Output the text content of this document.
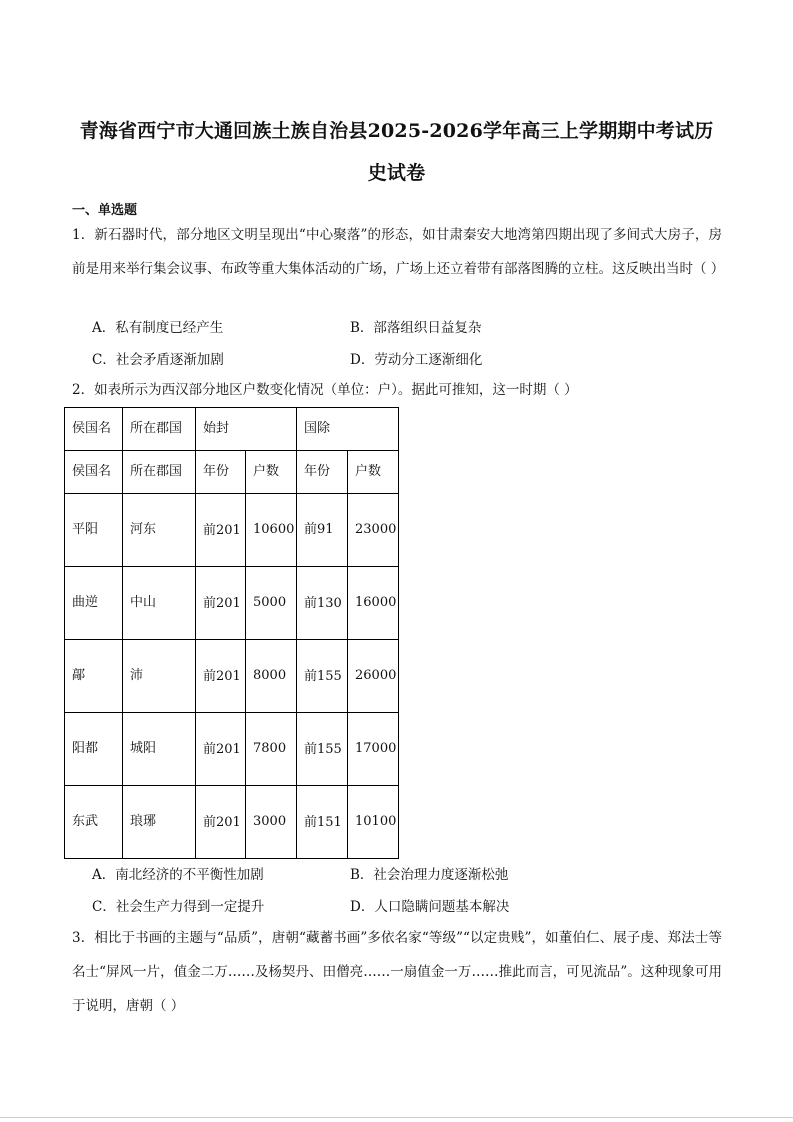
青海省西宁市大通回族土族自治县2025-2026学年高三上学期期中考试历
史试卷
一、单选题
1．新石器时代，部分地区文明呈现出“中心聚落”的形态，如甘肃秦安大地湾第四期出现了多间式大房子，房前是用来举行集会议事、布政等重大集体活动的广场，广场上还立着带有部落图腾的立柱。这反映出当时（ ）
A．私有制度已经产生	B．部落组织日益复杂
C．社会矛盾逐渐加剧	D．劳动分工逐渐细化
2．如表所示为西汉部分地区户数变化情况（单位：户）。据此可推知，这一时期（ ）
侯国名	所在郡国	始封		国除	
侯国名	所在郡国	年份	户数	年份	户数
平阳	河东	前201	10600	前91	23000
曲逆	中山	前201	5000	前130	16000
鄗	沛	前201	8000	前155	26000
阳都	城阳	前201	7800	前155	17000
东武	琅琊	前201	3000	前151	10100
A．南北经济的不平衡性加剧	B．社会治理力度逐渐松弛
C．社会生产力得到一定提升	D．人口隐瞒问题基本解决
3．相比于书画的主题与“品质”，唐朝“藏蓄书画”多依名家“等级”“以定贵贱”，如董伯仁、展子虔、郑法士等名士“屏风一片，值金二万……及杨契丹、田僧亮……一扇值金一万……推此而言，可见流品”。这种现象可用于说明，唐朝（ ）
